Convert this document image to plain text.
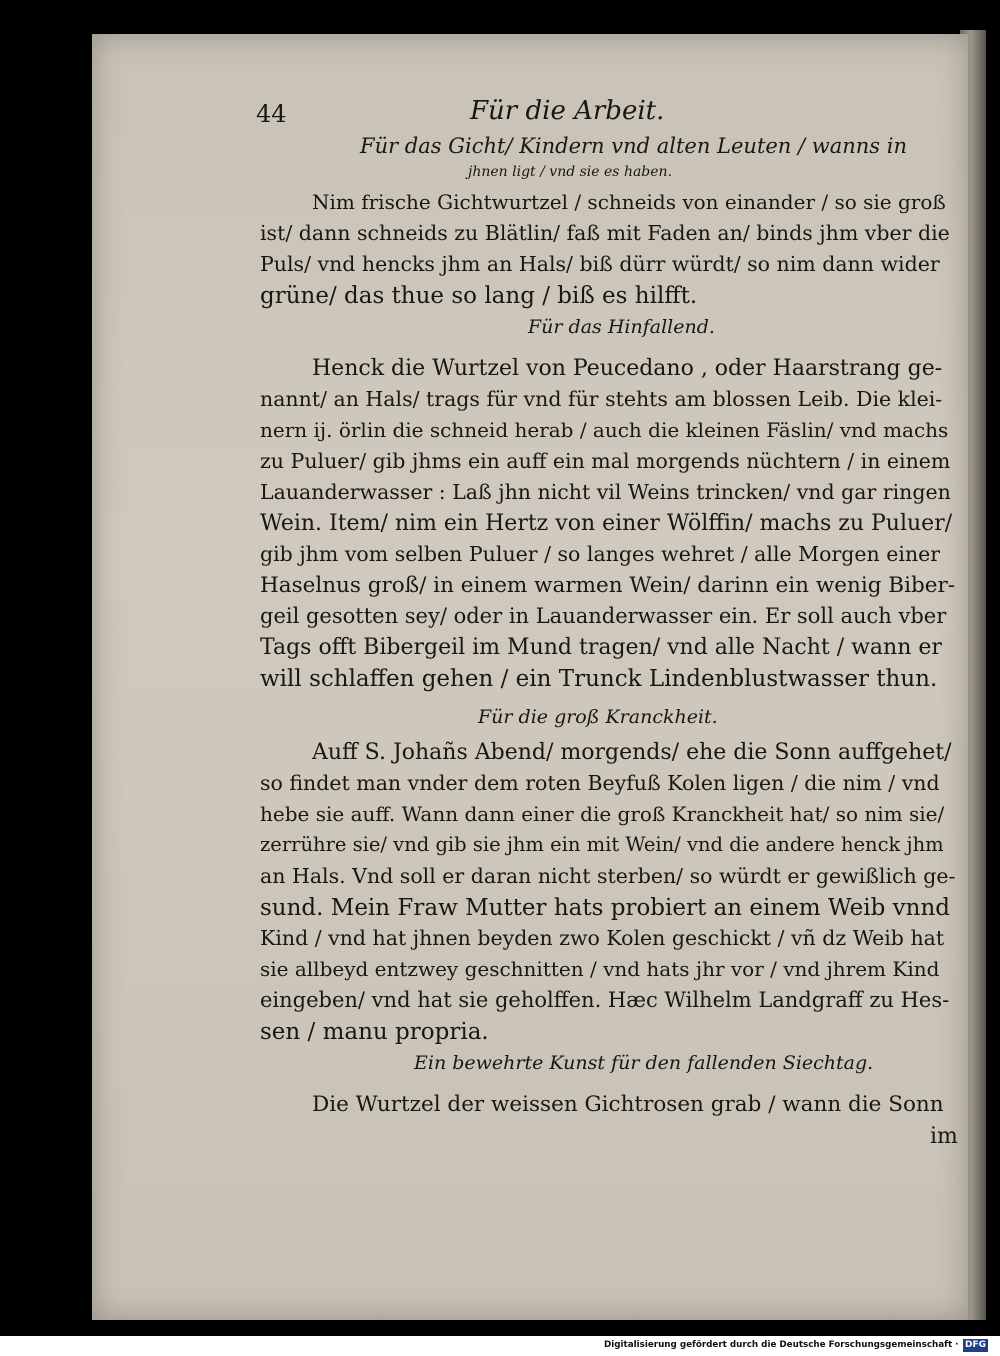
44	Für die Arbeit.
Für das Gicht/ Kindern vnd alten Leuten / wanns in
jhnen ligt / vnd sie es haben.
Nim frische Gichtwurtzel / schneids von einander / so sie groß
ist/ dann schneids zu Blätlin/ faß mit Faden an/ binds jhm vber die
Puls/ vnd hencks jhm an Hals/ biß dürr würdt/ so nim dann wider
grüne/ das thue so lang / biß es hilfft.
Für das Hinfallend.
Henck die Wurtzel von Peucedano , oder Haarstrang ge-
nannt/ an Hals/ trags für vnd für stehts am blossen Leib. Die klei-
nern ij. örlin die schneid herab / auch die kleinen Fäslin/ vnd machs
zu Puluer/ gib jhms ein auff ein mal morgends nüchtern / in einem
Lauanderwasser : Laß jhn nicht vil Weins trincken/ vnd gar ringen
Wein. Item/ nim ein Hertz von einer Wölffin/ machs zu Puluer/
gib jhm vom selben Puluer / so langes wehret / alle Morgen einer
Haselnus groß/ in einem warmen Wein/ darinn ein wenig Biber-
geil gesotten sey/ oder in Lauanderwasser ein. Er soll auch vber
Tags offt Bibergeil im Mund tragen/ vnd alle Nacht / wann er
will schlaffen gehen / ein Trunck Lindenblustwasser thun.
Für die groß Kranckheit.
Auff S. Johañs Abend/ morgends/ ehe die Sonn auffgehet/
so findet man vnder dem roten Beyfuß Kolen ligen / die nim / vnd
hebe sie auff. Wann dann einer die groß Kranckheit hat/ so nim sie/
zerrühre sie/ vnd gib sie jhm ein mit Wein/ vnd die andere henck jhm
an Hals. Vnd soll er daran nicht sterben/ so würdt er gewißlich ge-
sund. Mein Fraw Mutter hats probiert an einem Weib vnnd
Kind / vnd hat jhnen beyden zwo Kolen geschickt / vñ dz Weib hat
sie allbeyd entzwey geschnitten / vnd hats jhr vor / vnd jhrem Kind
eingeben/ vnd hat sie geholffen. Hæc Wilhelm Landgraff zu Hes-
sen / manu propria.
Ein bewehrte Kunst für den fallenden Siechtag.
Die Wurtzel der weissen Gichtrosen grab / wann die Sonn
im
Digitalisierung gefördert durch die Deutsche Forschungsgemeinschaft · DFG
